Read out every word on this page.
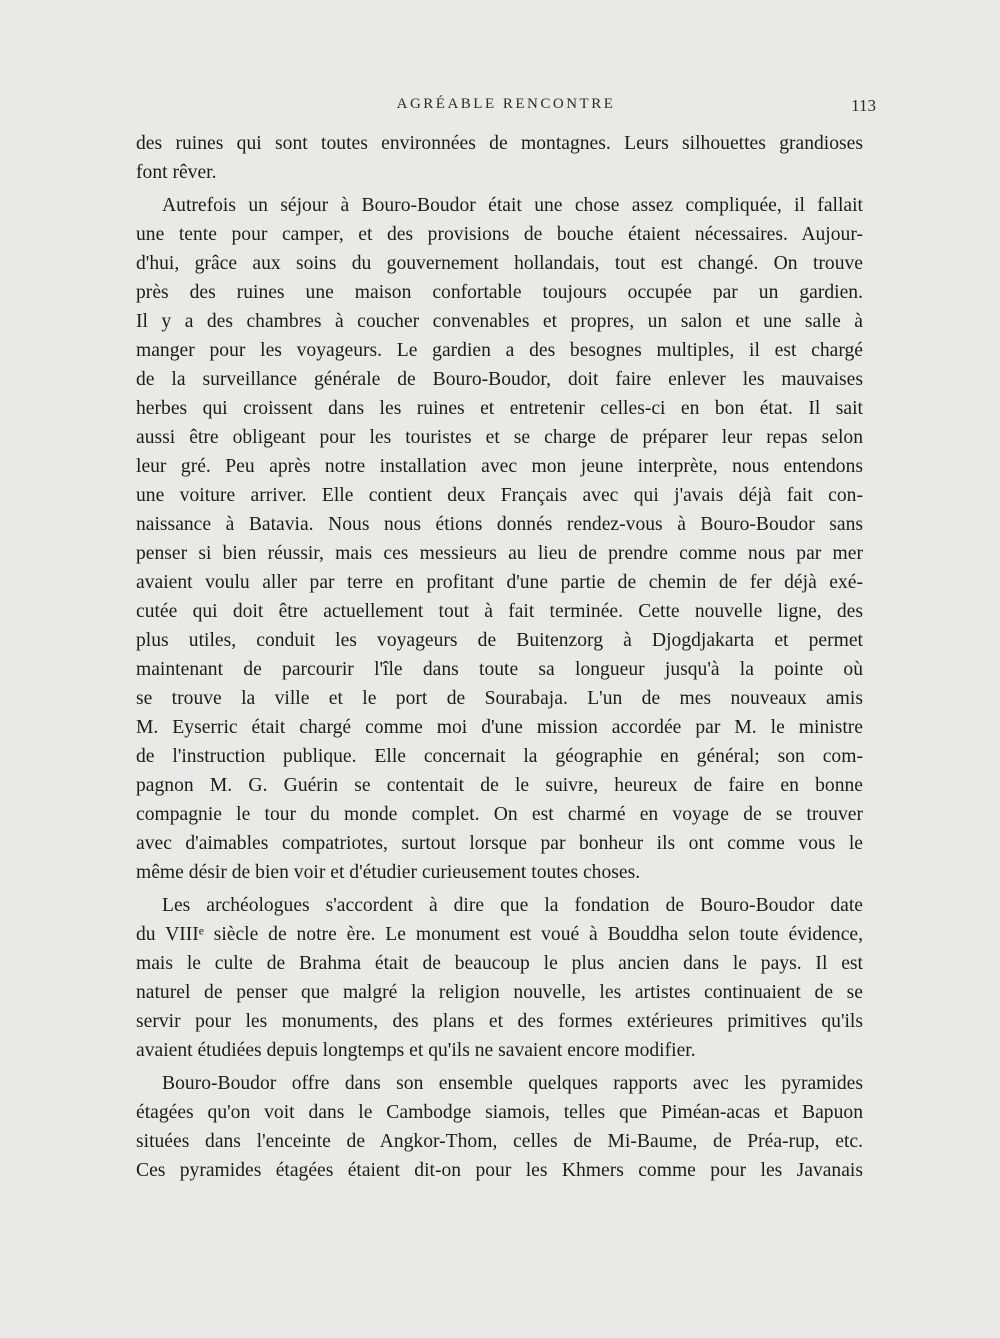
AGRÉABLE RENCONTRE	113

des ruines qui sont toutes environnées de montagnes. Leurs silhouettes grandioses
font rêver.

Autrefois un séjour à Bouro-Boudor était une chose assez compliquée, il fallait
une tente pour camper, et des provisions de bouche étaient nécessaires. Aujour-
d'hui, grâce aux soins du gouvernement hollandais, tout est changé. On trouve
près des ruines une maison confortable toujours occupée par un gardien.
Il y a des chambres à coucher convenables et propres, un salon et une salle à
manger pour les voyageurs. Le gardien a des besognes multiples, il est chargé
de la surveillance générale de Bouro-Boudor, doit faire enlever les mauvaises
herbes qui croissent dans les ruines et entretenir celles-ci en bon état. Il sait
aussi être obligeant pour les touristes et se charge de préparer leur repas selon
leur gré. Peu après notre installation avec mon jeune interprète, nous entendons
une voiture arriver. Elle contient deux Français avec qui j'avais déjà fait con-
naissance à Batavia. Nous nous étions donnés rendez-vous à Bouro-Boudor sans
penser si bien réussir, mais ces messieurs au lieu de prendre comme nous par mer
avaient voulu aller par terre en profitant d'une partie de chemin de fer déjà exé-
cutée qui doit être actuellement tout à fait terminée. Cette nouvelle ligne, des
plus utiles, conduit les voyageurs de Buitenzorg à Djogdjakarta et permet
maintenant de parcourir l'île dans toute sa longueur jusqu'à la pointe où
se trouve la ville et le port de Sourabaja. L'un de mes nouveaux amis
M. Eyserric était chargé comme moi d'une mission accordée par M. le ministre
de l'instruction publique. Elle concernait la géographie en général; son com-
pagnon M. G. Guérin se contentait de le suivre, heureux de faire en bonne
compagnie le tour du monde complet. On est charmé en voyage de se trouver
avec d'aimables compatriotes, surtout lorsque par bonheur ils ont comme vous le
même désir de bien voir et d'étudier curieusement toutes choses.

Les archéologues s'accordent à dire que la fondation de Bouro-Boudor date
du VIIIᵉ siècle de notre ère. Le monument est voué à Bouddha selon toute évidence,
mais le culte de Brahma était de beaucoup le plus ancien dans le pays. Il est
naturel de penser que malgré la religion nouvelle, les artistes continuaient de se
servir pour les monuments, des plans et des formes extérieures primitives qu'ils
avaient étudiées depuis longtemps et qu'ils ne savaient encore modifier.

Bouro-Boudor offre dans son ensemble quelques rapports avec les pyramides
étagées qu'on voit dans le Cambodge siamois, telles que Piméan-acas et Bapuon
situées dans l'enceinte de Angkor-Thom, celles de Mi-Baume, de Préa-rup, etc.
Ces pyramides étagées étaient dit-on pour les Khmers comme pour les Javanais
